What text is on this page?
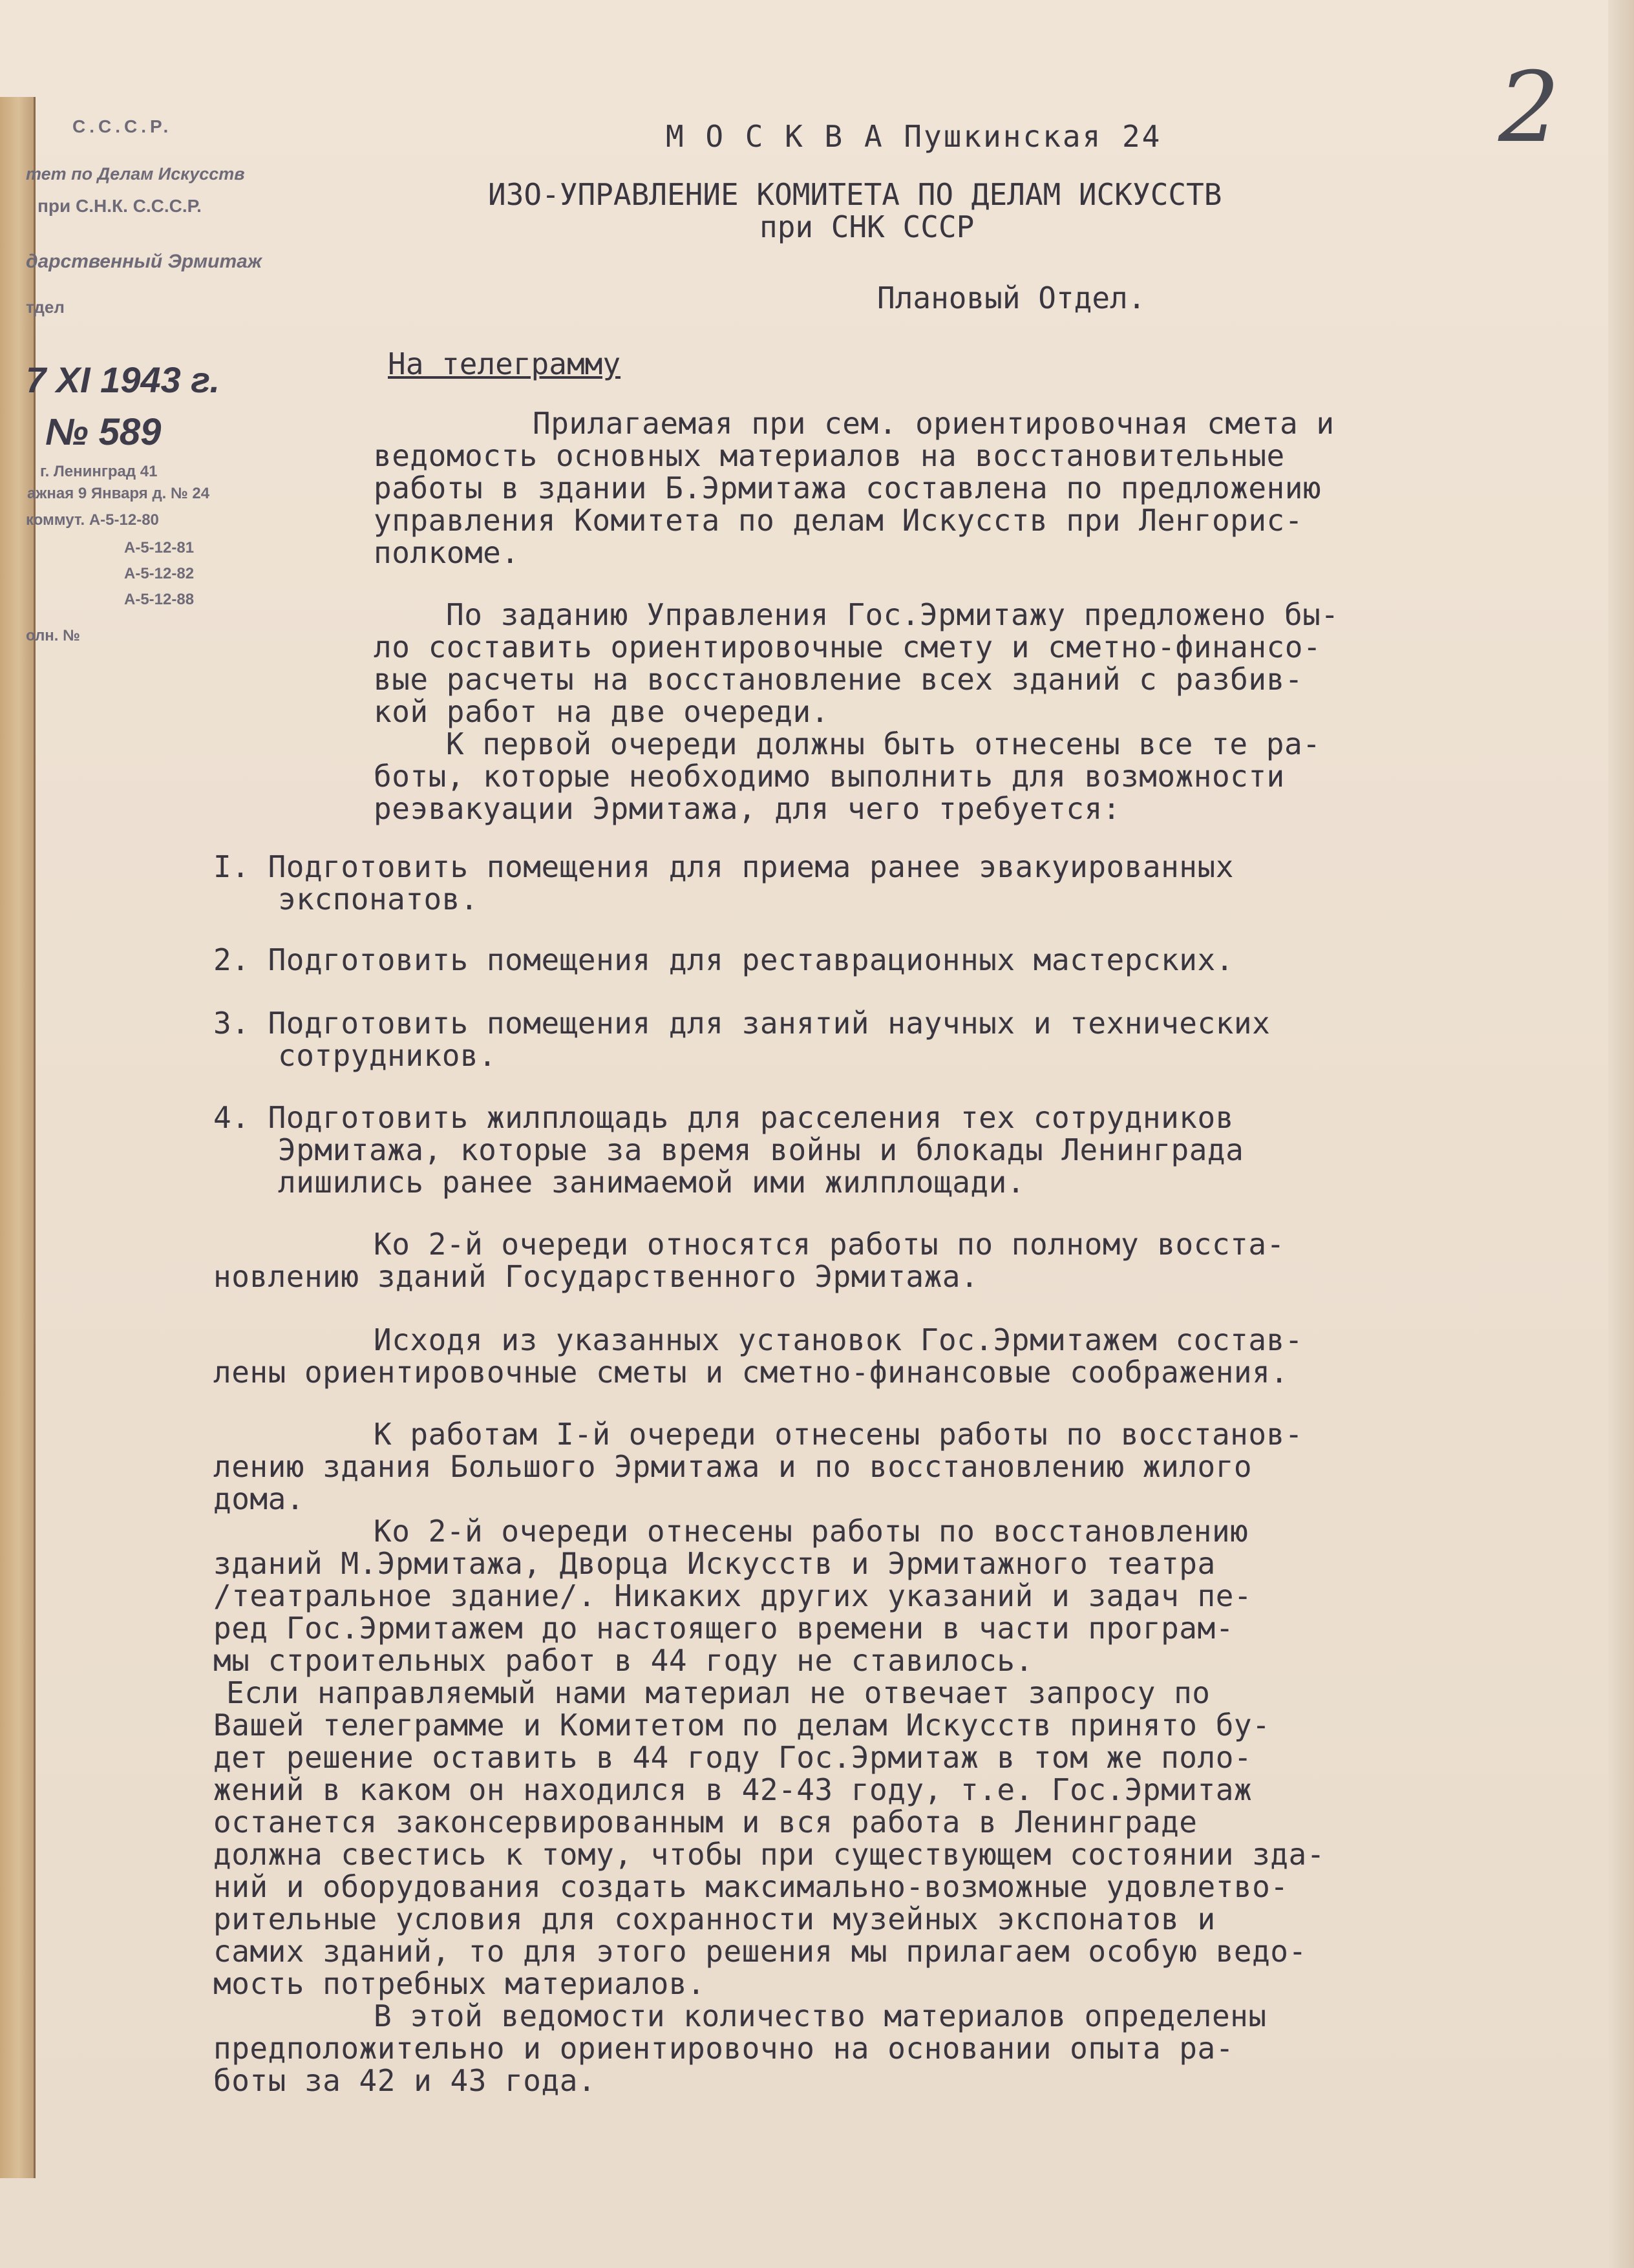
2
С.С.С.Р.
тет по Делам Искусств
при С.Н.К. С.С.С.Р.
дарственный Эрмитаж
тдел
7 XI 1943 г.
№ 589
г. Ленинград 41
ажная 9 Января д. № 24
коммут. А-5-12-80
А-5-12-81
А-5-12-82
А-5-12-88
олн. №
М О С К В А Пушкинская 24
ИЗО-УПРАВЛЕНИЕ КОМИТЕТА ПО ДЕЛАМ ИСКУССТВ
при СНК СССР
Плановый Отдел.
На телеграмму
Прилагаемая при сем. ориентировочная смета и
ведомость основных материалов на восстановительные
работы в здании Б.Эрмитажа составлена по предложению
управления Комитета по делам Искусств при Ленгорис-
полкоме.
По заданию Управления Гос.Эрмитажу предложено бы-
ло составить ориентировочные смету и сметно-финансо-
вые расчеты на восстановление всех зданий с разбив-
кой работ на две очереди.
К первой очереди должны быть отнесены все те ра-
боты, которые необходимо выполнить для возможности
реэвакуации Эрмитажа, для чего требуется:
I. Подготовить помещения для приема ранее эвакуированных
экспонатов.
2. Подготовить помещения для реставрационных мастерских.
3. Подготовить помещения для занятий научных и технических
сотрудников.
4. Подготовить жилплощадь для расселения тех сотрудников
Эрмитажа, которые за время войны и блокады Ленинграда
лишились ранее занимаемой ими жилплощади.
Ко 2-й очереди относятся работы по полному восста-
новлению зданий Государственного Эрмитажа.
Исходя из указанных установок Гос.Эрмитажем состав-
лены ориентировочные сметы и сметно-финансовые соображения.
К работам I-й очереди отнесены работы по восстанов-
лению здания Большого Эрмитажа и по восстановлению жилого
дома.
Ко 2-й очереди отнесены работы по восстановлению
зданий М.Эрмитажа, Дворца Искусств и Эрмитажного театра
/театральное здание/. Никаких других указаний и задач пе-
ред Гос.Эрмитажем до настоящего времени в части програм-
мы строительных работ в 44 году не ставилось.
Если направляемый нами материал не отвечает запросу по
Вашей телеграмме и Комитетом по делам Искусств принято бу-
дет решение оставить в 44 году Гос.Эрмитаж в том же поло-
жений в каком он находился в 42-43 году, т.е. Гос.Эрмитаж
останется законсервированным и вся работа в Ленинграде
должна свестись к тому, чтобы при существующем состоянии зда-
ний и оборудования создать максимально-возможные удовлетво-
рительные условия для сохранности музейных экспонатов и
самих зданий, то для этого решения мы прилагаем особую ведо-
мость потребных материалов.
В этой ведомости количество материалов определены
предположительно и ориентировочно на основании опыта ра-
боты за 42 и 43 года.
